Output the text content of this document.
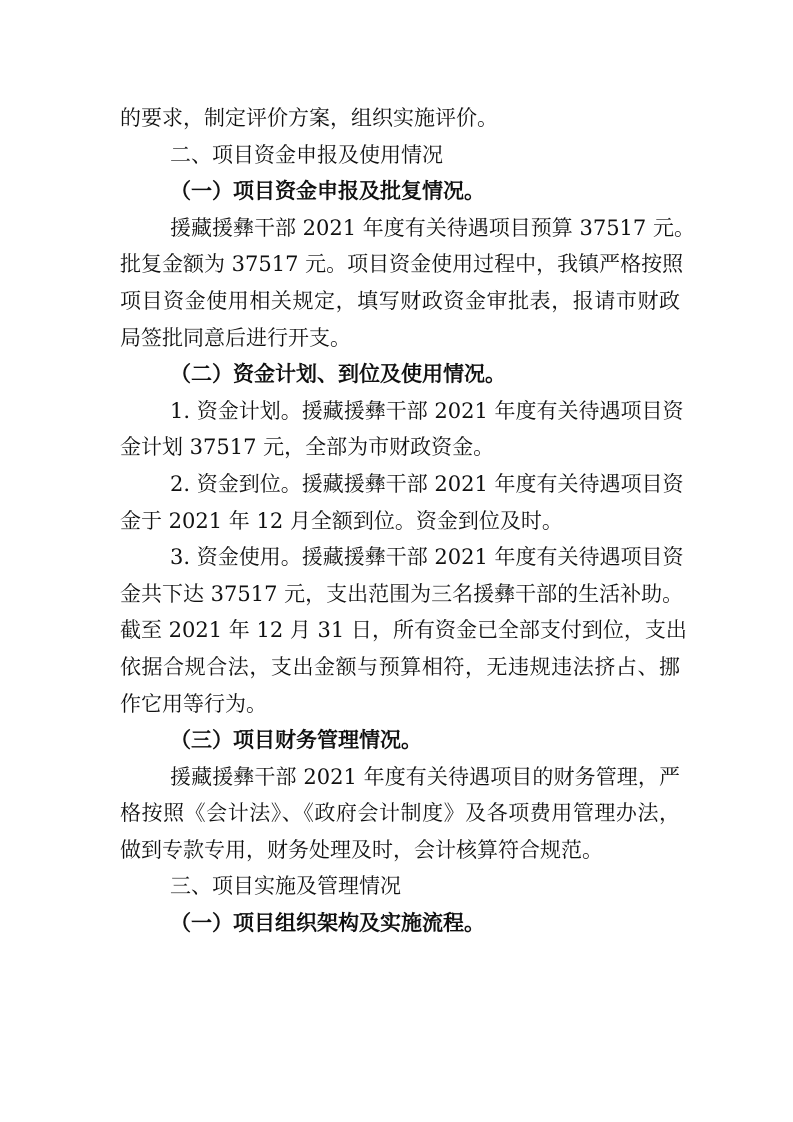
的要求，制定评价方案，组织实施评价。

二、项目资金申报及使用情况

（一）项目资金申报及批复情况。

援藏援彝干部 2021 年度有关待遇项目预算 37517 元。

批复金额为 37517 元。项目资金使用过程中，我镇严格按照

项目资金使用相关规定，填写财政资金审批表，报请市财政

局签批同意后进行开支。

（二）资金计划、到位及使用情况。

1. 资金计划。援藏援彝干部 2021 年度有关待遇项目资

金计划 37517 元，全部为市财政资金。

2. 资金到位。援藏援彝干部 2021 年度有关待遇项目资

金于 2021 年 12 月全额到位。资金到位及时。

3. 资金使用。援藏援彝干部 2021 年度有关待遇项目资

金共下达 37517 元，支出范围为三名援彝干部的生活补助。

截至 2021 年 12 月 31 日，所有资金已全部支付到位，支出

依据合规合法，支出金额与预算相符，无违规违法挤占、挪

作它用等行为。

（三）项目财务管理情况。

援藏援彝干部 2021 年度有关待遇项目的财务管理，严

格按照《会计法》、《政府会计制度》及各项费用管理办法，

做到专款专用，财务处理及时，会计核算符合规范。

三、项目实施及管理情况

（一）项目组织架构及实施流程。
